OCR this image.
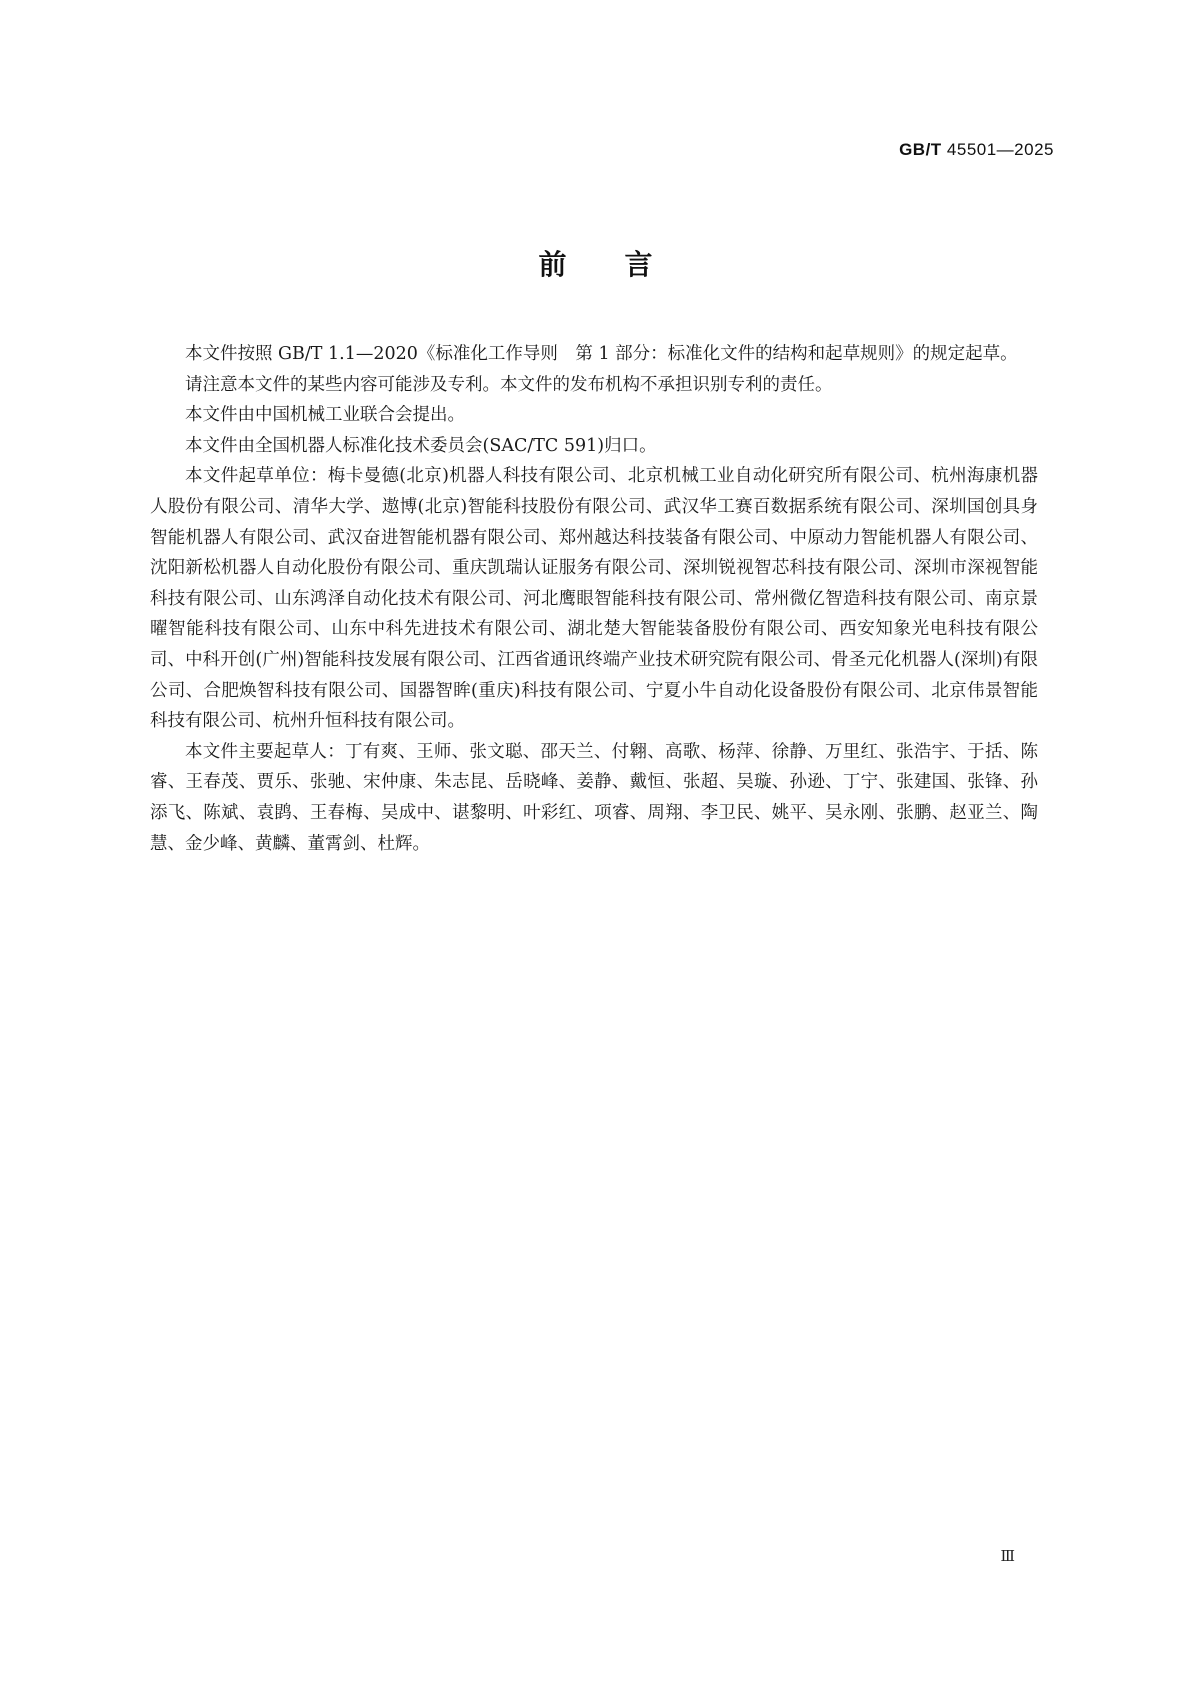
GB/T 45501—2025
前言

本文件按照 GB/T 1.1—2020《标准化工作导则　第 1 部分：标准化文件的结构和起草规则》的规定起草。

请注意本文件的某些内容可能涉及专利。本文件的发布机构不承担识别专利的责任。

本文件由中国机械工业联合会提出。

本文件由全国机器人标准化技术委员会(SAC/TC 591)归口。

本文件起草单位：梅卡曼德(北京)机器人科技有限公司、北京机械工业自动化研究所有限公司、杭州海康机器人股份有限公司、清华大学、遨博(北京)智能科技股份有限公司、武汉华工赛百数据系统有限公司、深圳国创具身智能机器人有限公司、武汉奋进智能机器有限公司、郑州越达科技装备有限公司、中原动力智能机器人有限公司、沈阳新松机器人自动化股份有限公司、重庆凯瑞认证服务有限公司、深圳锐视智芯科技有限公司、深圳市深视智能科技有限公司、山东鸿泽自动化技术有限公司、河北鹰眼智能科技有限公司、常州微亿智造科技有限公司、南京景曜智能科技有限公司、山东中科先进技术有限公司、湖北楚大智能装备股份有限公司、西安知象光电科技有限公司、中科开创(广州)智能科技发展有限公司、江西省通讯终端产业技术研究院有限公司、骨圣元化机器人(深圳)有限公司、合肥焕智科技有限公司、国器智眸(重庆)科技有限公司、宁夏小牛自动化设备股份有限公司、北京伟景智能科技有限公司、杭州升恒科技有限公司。

本文件主要起草人：丁有爽、王师、张文聪、邵天兰、付翱、高歌、杨萍、徐静、万里红、张浩宇、于括、陈睿、王春茂、贾乐、张驰、宋仲康、朱志昆、岳晓峰、姜静、戴恒、张超、吴璇、孙逊、丁宁、张建国、张锋、孙添飞、陈斌、袁鹍、王春梅、吴成中、谌黎明、叶彩红、项睿、周翔、李卫民、姚平、吴永刚、张鹏、赵亚兰、陶慧、金少峰、黄麟、董霄剑、杜辉。

Ⅲ
